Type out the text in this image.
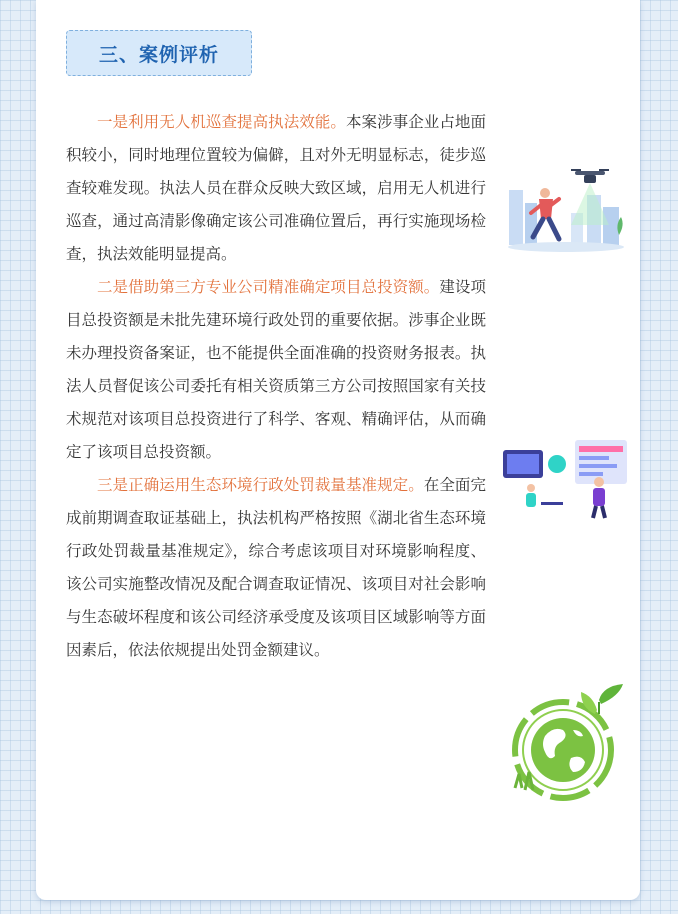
三、案例评析

一是利用无人机巡查提高执法效能。本案涉事企业占地面积较小，同时地理位置较为偏僻，且对外无明显标志，徒步巡查较难发现。执法人员在群众反映大致区域，启用无人机进行巡查，通过高清影像确定该公司准确位置后，再行实施现场检查，执法效能明显提高。

二是借助第三方专业公司精准确定项目总投资额。建设项目总投资额是未批先建环境行政处罚的重要依据。涉事企业既未办理投资备案证，也不能提供全面准确的投资财务报表。执法人员督促该公司委托有相关资质第三方公司按照国家有关技术规范对该项目总投资进行了科学、客观、精确评估，从而确定了该项目总投资额。

三是正确运用生态环境行政处罚裁量基准规定。在全面完成前期调查取证基础上，执法机构严格按照《湖北省生态环境行政处罚裁量基准规定》，综合考虑该项目对环境影响程度、该公司实施整改情况及配合调查取证情况、该项目对社会影响与生态破坏程度和该公司经济承受度及该项目区域影响等方面因素后，依法依规提出处罚金额建议。
